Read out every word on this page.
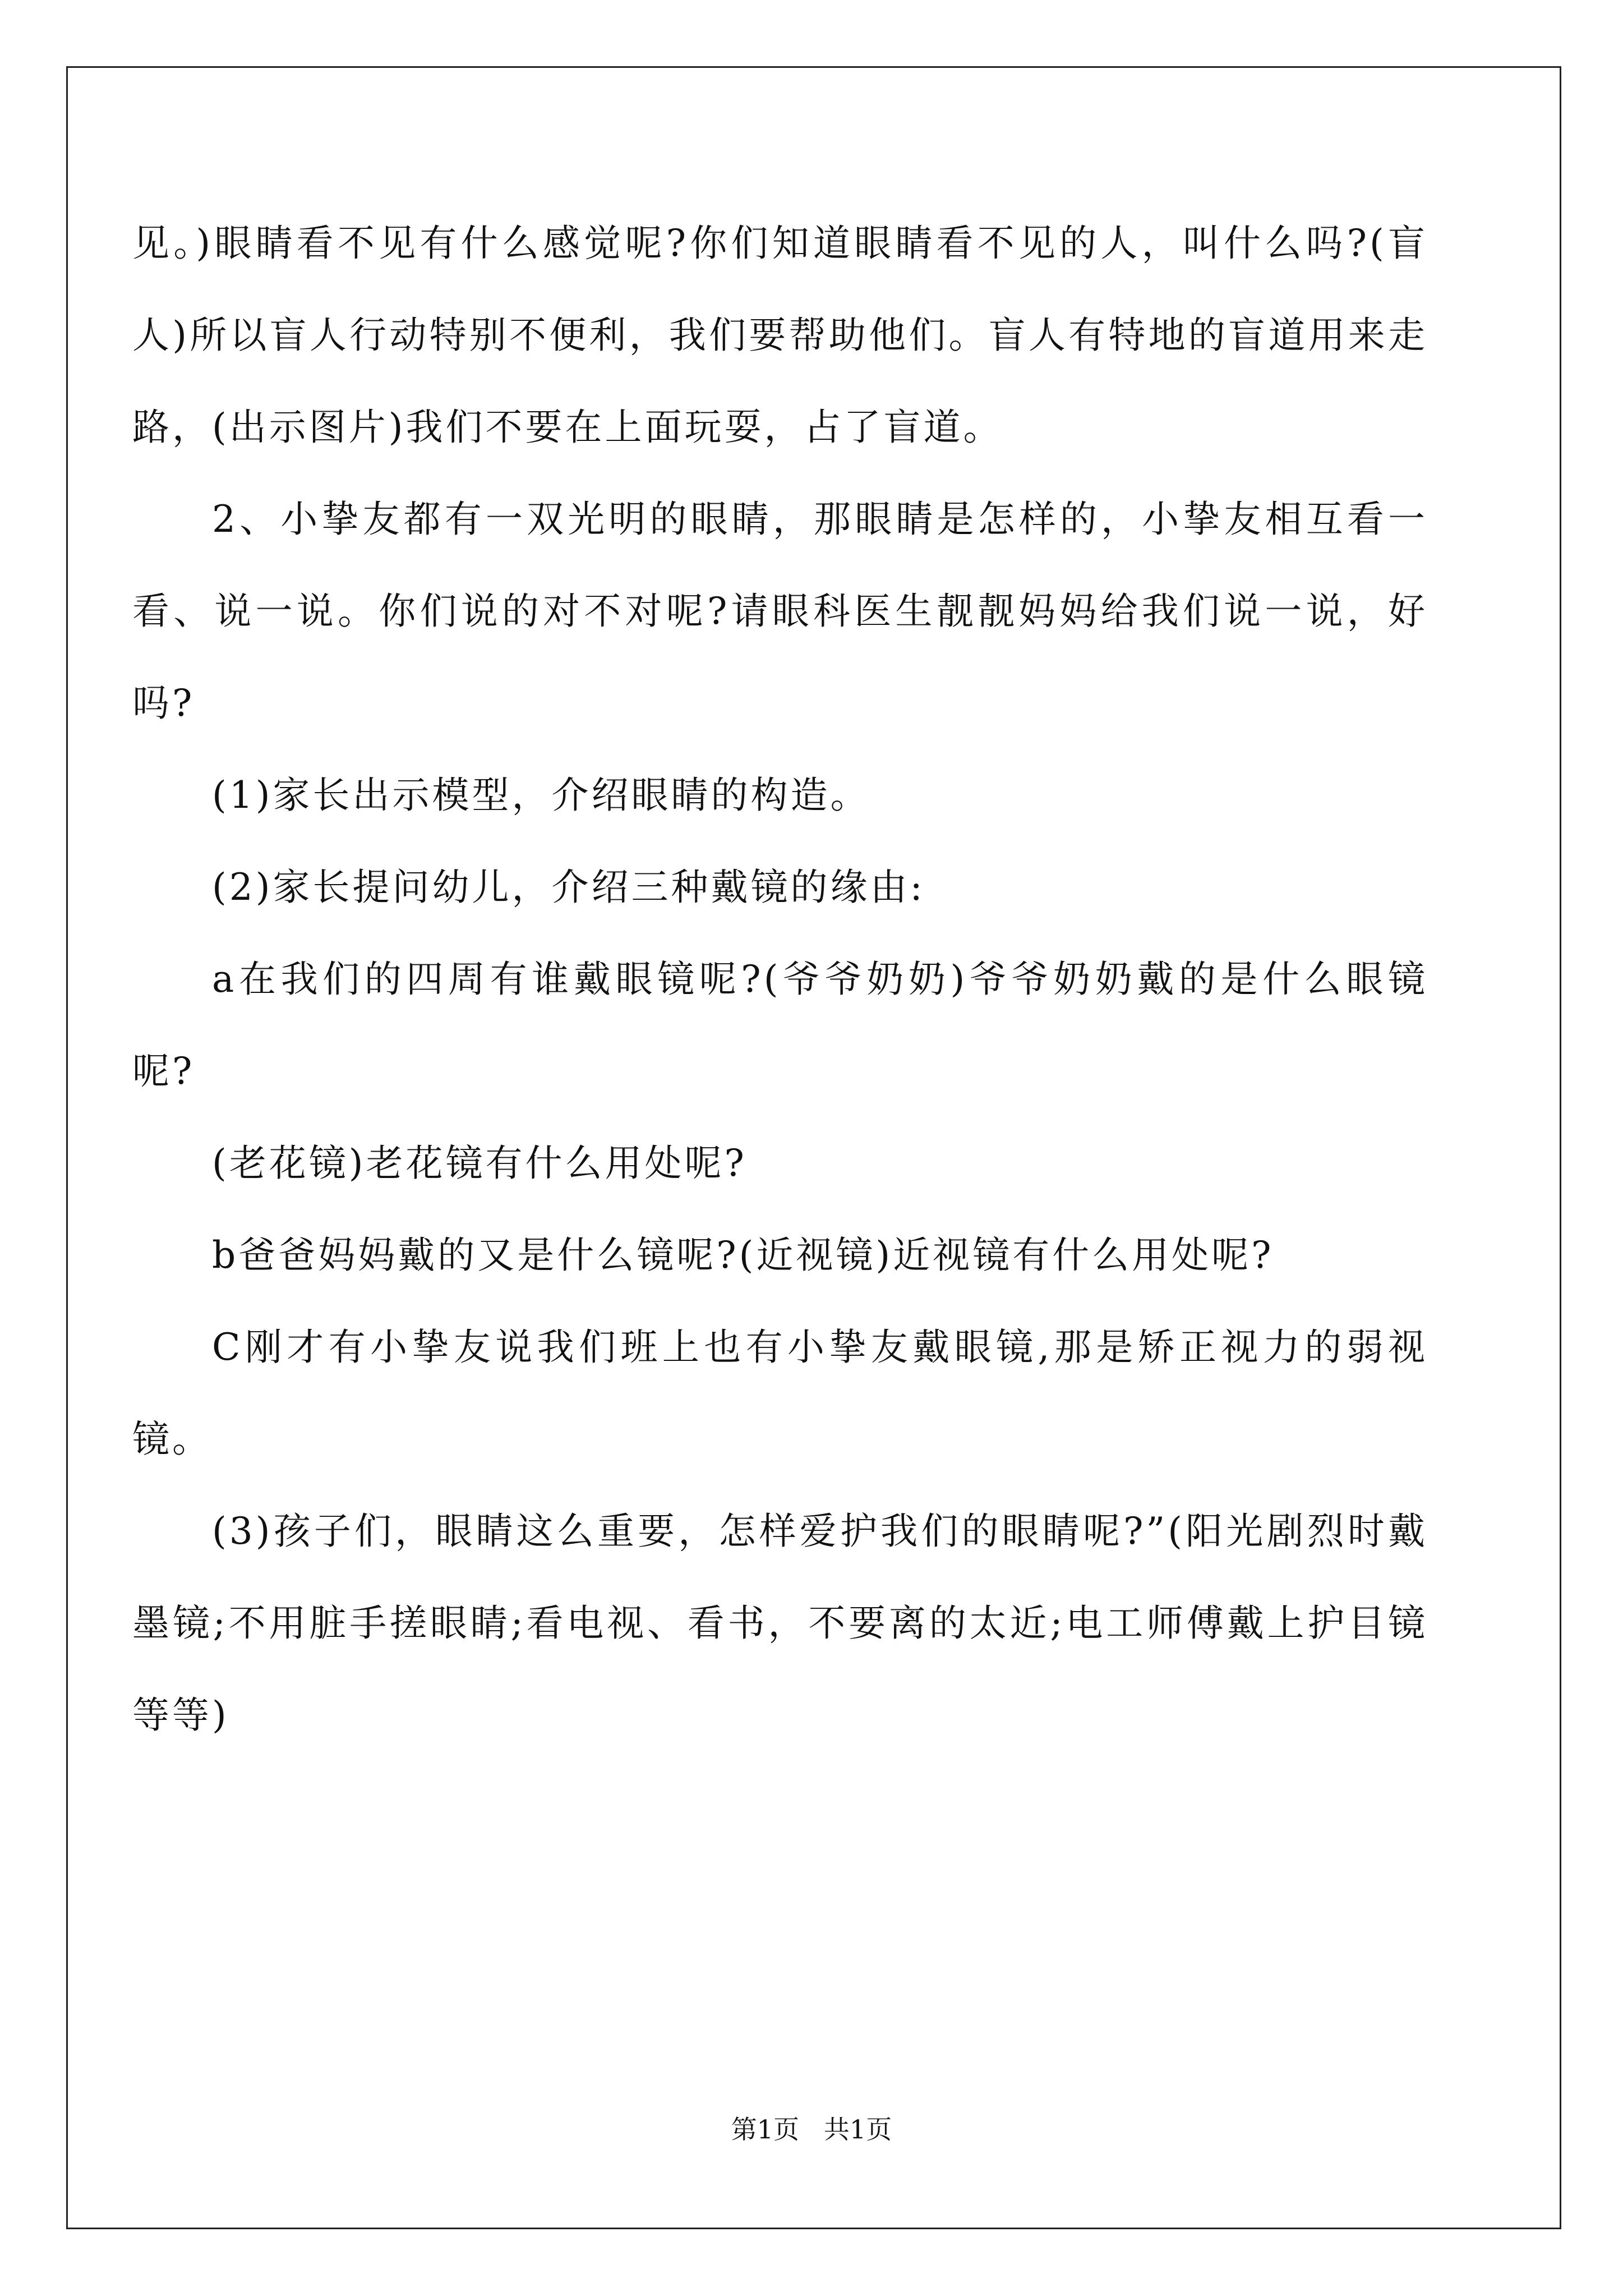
见。)眼睛看不见有什么感觉呢?你们知道眼睛看不见的人，叫什么吗?(盲人)所以盲人行动特别不便利，我们要帮助他们。盲人有特地的盲道用来走路，(出示图片)我们不要在上面玩耍，占了盲道。

2、小挚友都有一双光明的眼睛，那眼睛是怎样的，小挚友相互看一看、说一说。你们说的对不对呢?请眼科医生靓靓妈妈给我们说一说，好吗?

(1)家长出示模型，介绍眼睛的构造。

(2)家长提问幼儿，介绍三种戴镜的缘由:

a在我们的四周有谁戴眼镜呢?(爷爷奶奶)爷爷奶奶戴的是什么眼镜呢?

(老花镜)老花镜有什么用处呢?

b爸爸妈妈戴的又是什么镜呢?(近视镜)近视镜有什么用处呢?

C刚才有小挚友说我们班上也有小挚友戴眼镜,那是矫正视力的弱视镜。

(3)孩子们，眼睛这么重要，怎样爱护我们的眼睛呢?”(阳光剧烈时戴墨镜;不用脏手搓眼睛;看电视、看书，不要离的太近;电工师傅戴上护目镜等等)

第1页   共1页
